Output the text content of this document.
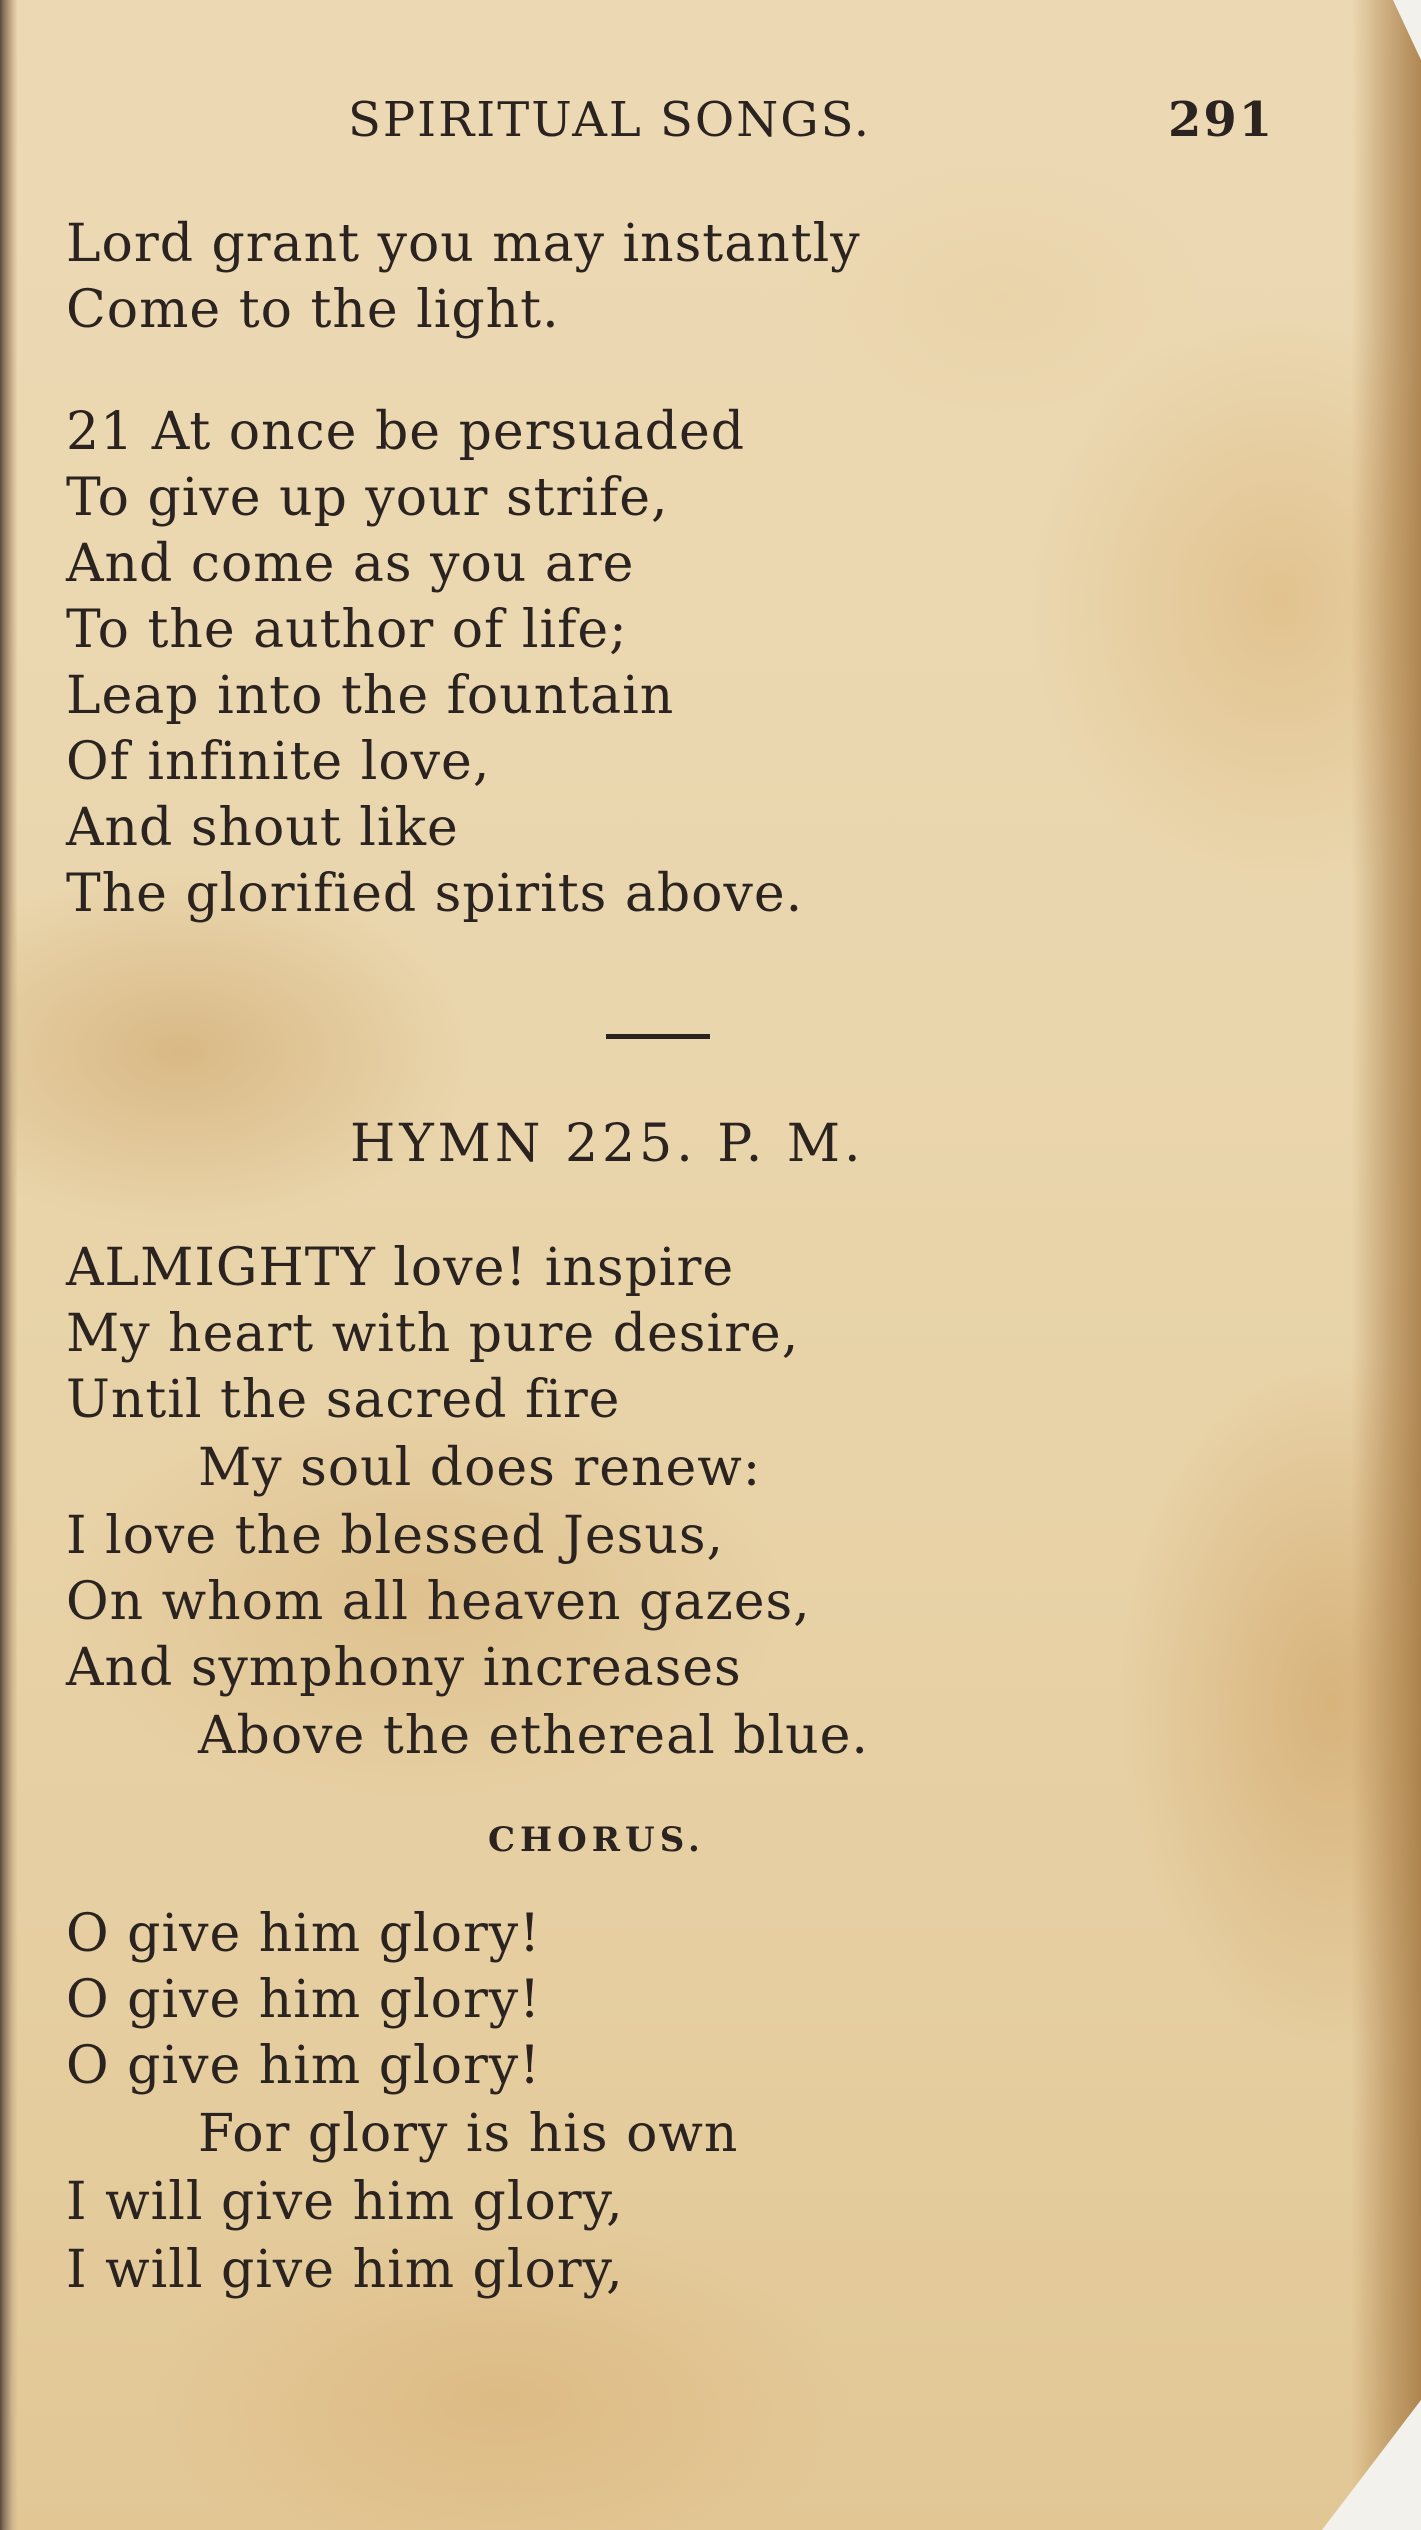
SPIRITUAL SONGS.	291
Lord grant you may instantly
Come to the light.
21 At once be persuaded
To give up your strife,
And come as you are
To the author of life;
Leap into the fountain
Of infinite love,
And shout like
The glorified spirits above.
HYMN 225. P. M.
ALMIGHTY love! inspire
My heart with pure desire,
Until the sacred fire
My soul does renew:
I love the blessed Jesus,
On whom all heaven gazes,
And symphony increases
Above the ethereal blue.
CHORUS.
O give him glory!
O give him glory!
O give him glory!
For glory is his own
I will give him glory,
I will give him glory,
